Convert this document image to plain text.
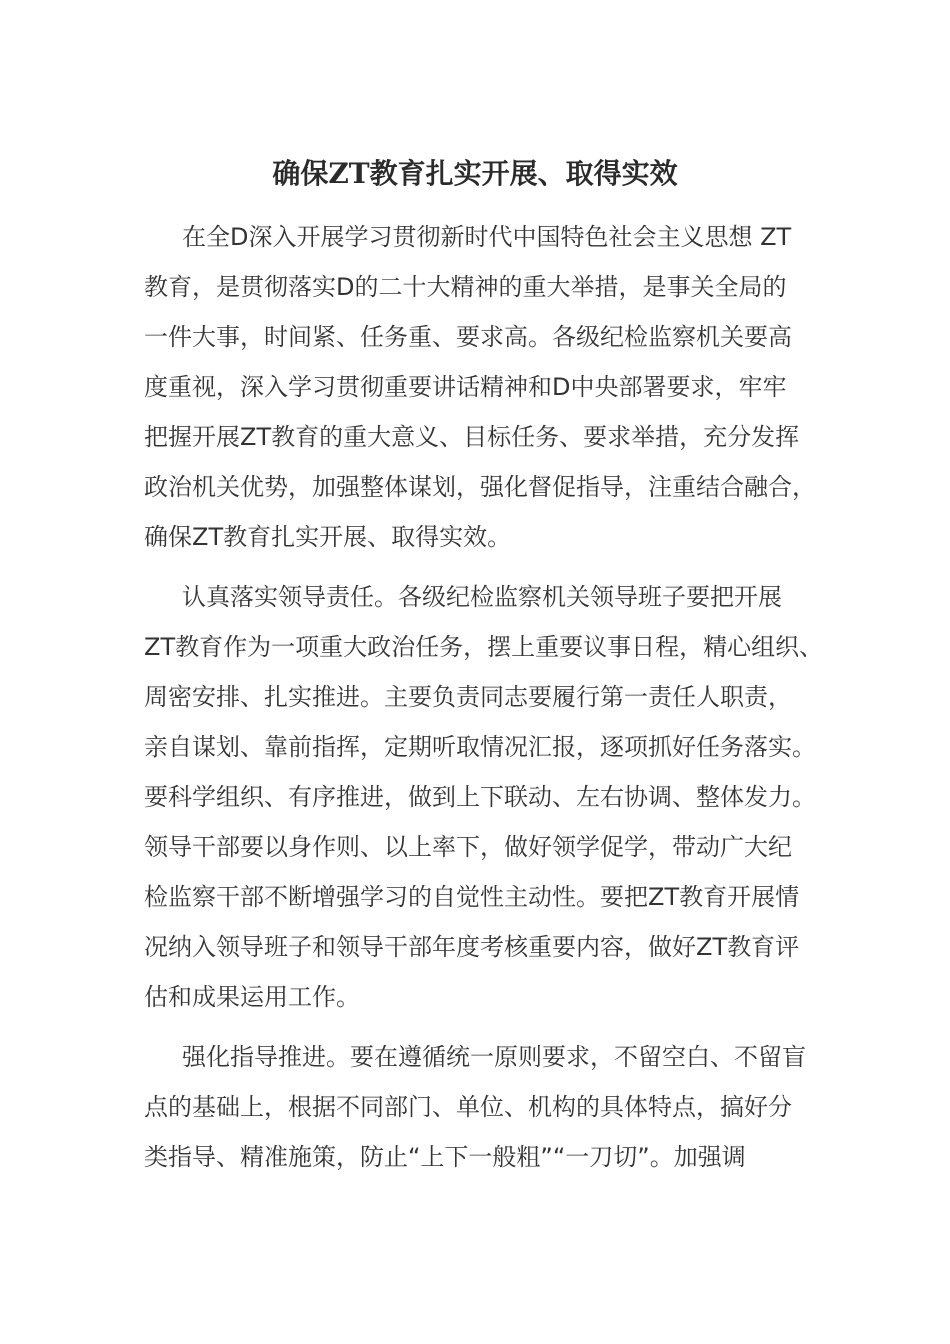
确保ZT教育扎实开展、取得实效

在全D深入开展学习贯彻新时代中国特色社会主义思想 ZT
教育，是贯彻落实D的二十大精神的重大举措，是事关全局的
一件大事，时间紧、任务重、要求高。各级纪检监察机关要高
度重视，深入学习贯彻重要讲话精神和D中央部署要求，牢牢
把握开展ZT教育的重大意义、目标任务、要求举措，充分发挥
政治机关优势，加强整体谋划，强化督促指导，注重结合融合，
确保ZT教育扎实开展、取得实效。

认真落实领导责任。各级纪检监察机关领导班子要把开展
ZT教育作为一项重大政治任务，摆上重要议事日程，精心组织、
周密安排、扎实推进。主要负责同志要履行第一责任人职责，
亲自谋划、靠前指挥，定期听取情况汇报，逐项抓好任务落实。
要科学组织、有序推进，做到上下联动、左右协调、整体发力。
领导干部要以身作则、以上率下，做好领学促学，带动广大纪
检监察干部不断增强学习的自觉性主动性。要把ZT教育开展情
况纳入领导班子和领导干部年度考核重要内容，做好ZT教育评
估和成果运用工作。

强化指导推进。要在遵循统一原则要求，不留空白、不留盲
点的基础上，根据不同部门、单位、机构的具体特点，搞好分
类指导、精准施策，防止“上下一般粗”“一刀切”。加强调
